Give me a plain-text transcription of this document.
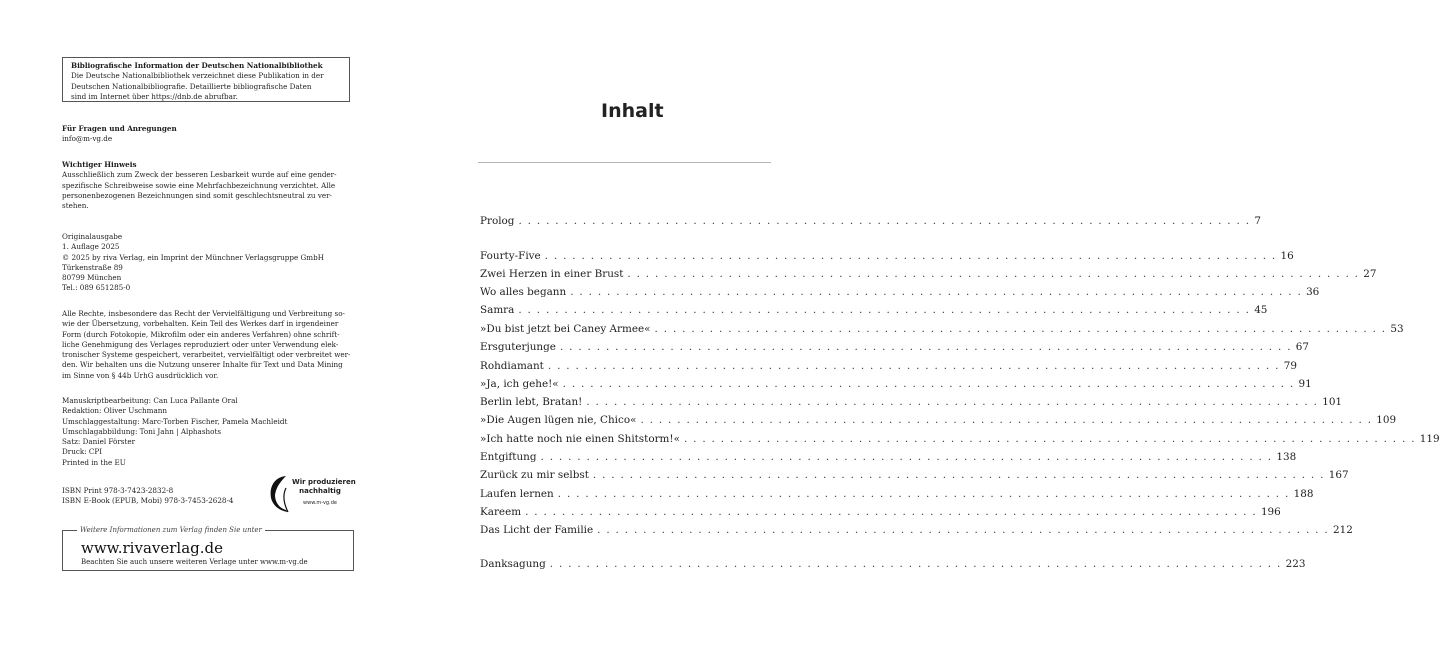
Bibliografische Information der Deutschen Nationalbibliothek
Die Deutsche Nationalbibliothek verzeichnet diese Publikation in der
Deutschen Nationalbibliografie. Detaillierte bibliografische Daten
sind im Internet über https://dnb.de abrufbar.
Für Fragen und Anregungen
info@m-vg.de
Wichtiger Hinweis
Ausschließlich zum Zweck der besseren Lesbarkeit wurde auf eine gender-
spezifische Schreibweise sowie eine Mehrfachbezeichnung verzichtet. Alle
personenbezogenen Bezeichnungen sind somit geschlechtsneutral zu ver-
stehen.
Originalausgabe
1. Auflage 2025
© 2025 by riva Verlag, ein Imprint der Münchner Verlagsgruppe GmbH
Türkenstraße 89
80799 München
Tel.: 089 651285-0
Alle Rechte, insbesondere das Recht der Vervielfältigung und Verbreitung so-
wie der Übersetzung, vorbehalten. Kein Teil des Werkes darf in irgendeiner
Form (durch Fotokopie, Mikrofilm oder ein anderes Verfahren) ohne schrift-
liche Genehmigung des Verlages reproduziert oder unter Verwendung elek-
tronischer Systeme gespeichert, verarbeitet, vervielfältigt oder verbreitet wer-
den. Wir behalten uns die Nutzung unserer Inhalte für Text und Data Mining
im Sinne von § 44b UrhG ausdrücklich vor.
Manuskriptbearbeitung: Can Luca Pallante Oral
Redaktion: Oliver Uschmann
Umschlaggestaltung: Marc-Torben Fischer, Pamela Machleidt
Umschlagabbildung: Toni Jahn | Alphashots
Satz: Daniel Förster
Druck: CPI
Printed in the EU
ISBN Print 978-3-7423-2832-8
ISBN E-Book (EPUB, Mobi) 978-3-7453-2628-4
Wir produzieren
nachhaltig
www.m-vg.de
Weitere Informationen zum Verlag finden Sie unter
www.rivaverlag.de
Beachten Sie auch unsere weiteren Verlage unter www.m-vg.de
Inhalt
Prolog . . . . . . . . . . . . . . . . . . . . . . . . . . . . . . . . . . . . . . . . . . . . . . . . . . . . . . . . . . . . . . . . . . . . . . . . . . . . . . . . 7
Fourty-Five . . . . . . . . . . . . . . . . . . . . . . . . . . . . . . . . . . . . . . . . . . . . . . . . . . . . . . . . . . . . . . . . . . . . . . . . . . . . . . . . 16
Zwei Herzen in einer Brust . . . . . . . . . . . . . . . . . . . . . . . . . . . . . . . . . . . . . . . . . . . . . . . . . . . . . . . . . . . . . . . . . . . . . . . . . . . . . . . . 27
Wo alles begann . . . . . . . . . . . . . . . . . . . . . . . . . . . . . . . . . . . . . . . . . . . . . . . . . . . . . . . . . . . . . . . . . . . . . . . . . . . . . . . . 36
Samra . . . . . . . . . . . . . . . . . . . . . . . . . . . . . . . . . . . . . . . . . . . . . . . . . . . . . . . . . . . . . . . . . . . . . . . . . . . . . . . . 45
»Du bist jetzt bei Caney Armee« . . . . . . . . . . . . . . . . . . . . . . . . . . . . . . . . . . . . . . . . . . . . . . . . . . . . . . . . . . . . . . . . . . . . . . . . . . . . . . . . 53
Ersguterjunge . . . . . . . . . . . . . . . . . . . . . . . . . . . . . . . . . . . . . . . . . . . . . . . . . . . . . . . . . . . . . . . . . . . . . . . . . . . . . . . . 67
Rohdiamant . . . . . . . . . . . . . . . . . . . . . . . . . . . . . . . . . . . . . . . . . . . . . . . . . . . . . . . . . . . . . . . . . . . . . . . . . . . . . . . . 79
»Ja, ich gehe!« . . . . . . . . . . . . . . . . . . . . . . . . . . . . . . . . . . . . . . . . . . . . . . . . . . . . . . . . . . . . . . . . . . . . . . . . . . . . . . . . 91
Berlin lebt, Bratan! . . . . . . . . . . . . . . . . . . . . . . . . . . . . . . . . . . . . . . . . . . . . . . . . . . . . . . . . . . . . . . . . . . . . . . . . . . . . . . . . 101
»Die Augen lügen nie, Chico« . . . . . . . . . . . . . . . . . . . . . . . . . . . . . . . . . . . . . . . . . . . . . . . . . . . . . . . . . . . . . . . . . . . . . . . . . . . . . . . . 109
»Ich hatte noch nie einen Shitstorm!« . . . . . . . . . . . . . . . . . . . . . . . . . . . . . . . . . . . . . . . . . . . . . . . . . . . . . . . . . . . . . . . . . . . . . . . . . . . . . . . . 119
Entgiftung . . . . . . . . . . . . . . . . . . . . . . . . . . . . . . . . . . . . . . . . . . . . . . . . . . . . . . . . . . . . . . . . . . . . . . . . . . . . . . . . 138
Zurück zu mir selbst . . . . . . . . . . . . . . . . . . . . . . . . . . . . . . . . . . . . . . . . . . . . . . . . . . . . . . . . . . . . . . . . . . . . . . . . . . . . . . . . 167
Laufen lernen . . . . . . . . . . . . . . . . . . . . . . . . . . . . . . . . . . . . . . . . . . . . . . . . . . . . . . . . . . . . . . . . . . . . . . . . . . . . . . . . 188
Kareem . . . . . . . . . . . . . . . . . . . . . . . . . . . . . . . . . . . . . . . . . . . . . . . . . . . . . . . . . . . . . . . . . . . . . . . . . . . . . . . . 196
Das Licht der Familie . . . . . . . . . . . . . . . . . . . . . . . . . . . . . . . . . . . . . . . . . . . . . . . . . . . . . . . . . . . . . . . . . . . . . . . . . . . . . . . . 212
Danksagung . . . . . . . . . . . . . . . . . . . . . . . . . . . . . . . . . . . . . . . . . . . . . . . . . . . . . . . . . . . . . . . . . . . . . . . . . . . . . . . . 223
